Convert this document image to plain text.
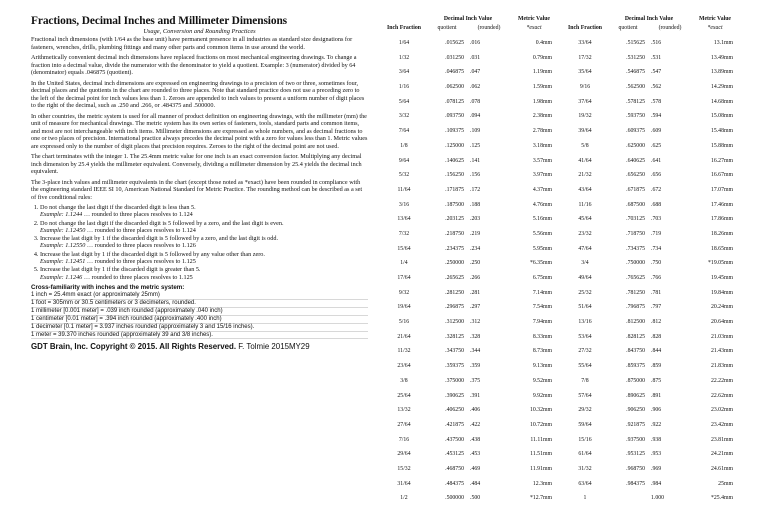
Fractions, Decimal Inches and Millimeter Dimensions
Usage, Conversion and Rounding Practices

Fractional inch dimensions (with 1/64 as the base unit) have permanent presence in all industries as standard size designations for fasteners, wrenches, drills, plumbing fittings and many other parts and common items in use around the world.

Arithmetically convenient decimal inch dimensions have replaced fractions on most mechanical engineering drawings. To change a fraction into a decimal value, divide the numerator with the denominator to yield a quotient. Example: 3 (numerator) divided by 64 (denominator) equals .046875 (quotient).

In the United States, decimal inch dimensions are expressed on engineering drawings to a precision of two or three, sometimes four, decimal places and the quotients in the chart are rounded to three places. Note that standard practice does not use a preceding zero to the left of the decimal point for inch values less than 1. Zeroes are appended to inch values to present a uniform number of digit places to the right of the decimal, such as .250 and .266, or .484375 and .500000.

In other countries, the metric system is used for all manner of product definition on engineering drawings, with the millimeter (mm) the unit of measure for mechanical drawings. The metric system has its own series of fasteners, tools, standard parts and common items, and most are not interchangeable with inch items. Millimeter dimensions are expressed as whole numbers, and as decimal fractions to one or two places of precision. International practice always precedes the decimal point with a zero for values less than 1. Metric values are expressed only to the number of digit places that precision requires. Zeroes to the right of the decimal point are not used.

The chart terminates with the integer 1. The 25.4mm metric value for one inch is an exact conversion factor. Multiplying any decimal inch dimension by 25.4 yields the millimeter equivalent. Conversely, dividing a millimeter dimension by 25.4 yields the decimal inch equivalent.

The 3-place inch values and millimeter equivalents in the chart (except those noted as *exact) have been rounded in compliance with the engineering standard IEEE SI 10, American National Standard for Metric Practice. The rounding method can be described as a set of five conditional rules:

1. Do not change the last digit if the discarded digit is less than 5.
Example: 1.1244 … rounded to three places resolves to 1.124
2. Do not change the last digit if the discarded digit is 5 followed by a zero, and the last digit is even.
Example: 1.12450 … rounded to three places resolves to 1.124
3. Increase the last digit by 1 if the discarded digit is 5 followed by a zero, and the last digit is odd.
Example: 1.12550 … rounded to three places resolves to 1.126
4. Increase the last digit by 1 if the discarded digit is 5 followed by any value other than zero.
Example: 1.12451 … rounded to three places resolves to 1.125
5. Increase the last digit by 1 if the discarded digit is greater than 5.
Example: 1.1246 … rounded to three places resolves to 1.125
Cross-familiarity with inches and the metric system:
1 inch = 25.4mm exact (or approximately 25mm)
1 foot = 305mm or 30.5 centimeters or 3 decimeters, rounded.
1 millimeter [0.001 meter] = .039 inch rounded (approximately .040 inch)
1 centimeter [0.01 meter] = .394 inch rounded (approximately .400 inch)
1 decimeter [0.1 meter] = 3.937 inches rounded (approximately 3 and 15/16 inches).
1 meter = 39.370 inches rounded (approximately 39 and 3/8 inches).
GDT Brain, Inc. Copyright © 2015. All Rights Reserved. F. Tolmie 2015MY29
Inch Fraction
Decimal Inch Value
quotient	(rounded)
Metric Value
*exact
1/64	.015625 .016	0.4mm
1/32	.031250 .031	0.79mm
3/64	.046875 .047	1.19mm
1/16	.062500 .062	1.59mm
5/64	.078125 .078	1.98mm
3/32	.093750 .094	2.38mm
7/64	.109375 .109	2.78mm
1/8	.125000 .125	3.18mm
9/64	.140625 .141	3.57mm
5/32	.156250 .156	3.97mm
11/64	.171875 .172	4.37mm
3/16	.187500 .188	4.76mm
13/64	.203125 .203	5.16mm
7/32	.218750 .219	5.56mm
15/64	.234375 .234	5.95mm
1/4	.250000 .250	*6.35mm
17/64	.265625 .266	6.75mm
9/32	.281250 .281	7.14mm
19/64	.296875 .297	7.54mm
5/16	.312500 .312	7.94mm
21/64	.328125 .328	8.33mm
11/32	.343750 .344	8.73mm
23/64	.359375 .359	9.13mm
3/8	.375000 .375	9.52mm
25/64	.390625 .391	9.92mm
13/32	.406250 .406	10.32mm
27/64	.421875 .422	10.72mm
7/16	.437500 .438	11.11mm
29/64	.453125 .453	11.51mm
15/32	.468750 .469	11.91mm
31/64	.484375 .484	12.3mm
1/2	.500000 .500	*12.7mm
Inch Fraction
Decimal Inch Value
quotient	(rounded)
Metric Value
*exact
33/64	.515625 .516	13.1mm
17/32	.531250 .531	13.49mm
35/64	.546875 .547	13.89mm
9/16	.562500 .562	14.29mm
37/64	.578125 .578	14.68mm
19/32	.593750 .594	15.08mm
39/64	.609375 .609	15.48mm
5/8	.625000 .625	15.88mm
41/64	.640625 .641	16.27mm
21/32	.656250 .656	16.67mm
43/64	.671875 .672	17.07mm
11/16	.687500 .688	17.46mm
45/64	.703125 .703	17.86mm
23/32	.718750 .719	18.26mm
47/64	.734375 .734	18.65mm
3/4	.750000 .750	*19.05mm
49/64	.765625 .766	19.45mm
25/32	.781250 .781	19.84mm
51/64	.796875 .797	20.24mm
13/16	.812500 .812	20.64mm
53/64	.828125 .828	21.03mm
27/32	.843750 .844	21.43mm
55/64	.859375 .859	21.83mm
7/8	.875000 .875	22.22mm
57/64	.890625 .891	22.62mm
29/32	.906250 .906	23.02mm
59/64	.921875 .922	23.42mm
15/16	.937500 .938	23.81mm
61/64	.953125 .953	24.21mm
31/32	.968750 .969	24.61mm
63/64	.984375 .984	25mm
1	1.000	*25.4mm
